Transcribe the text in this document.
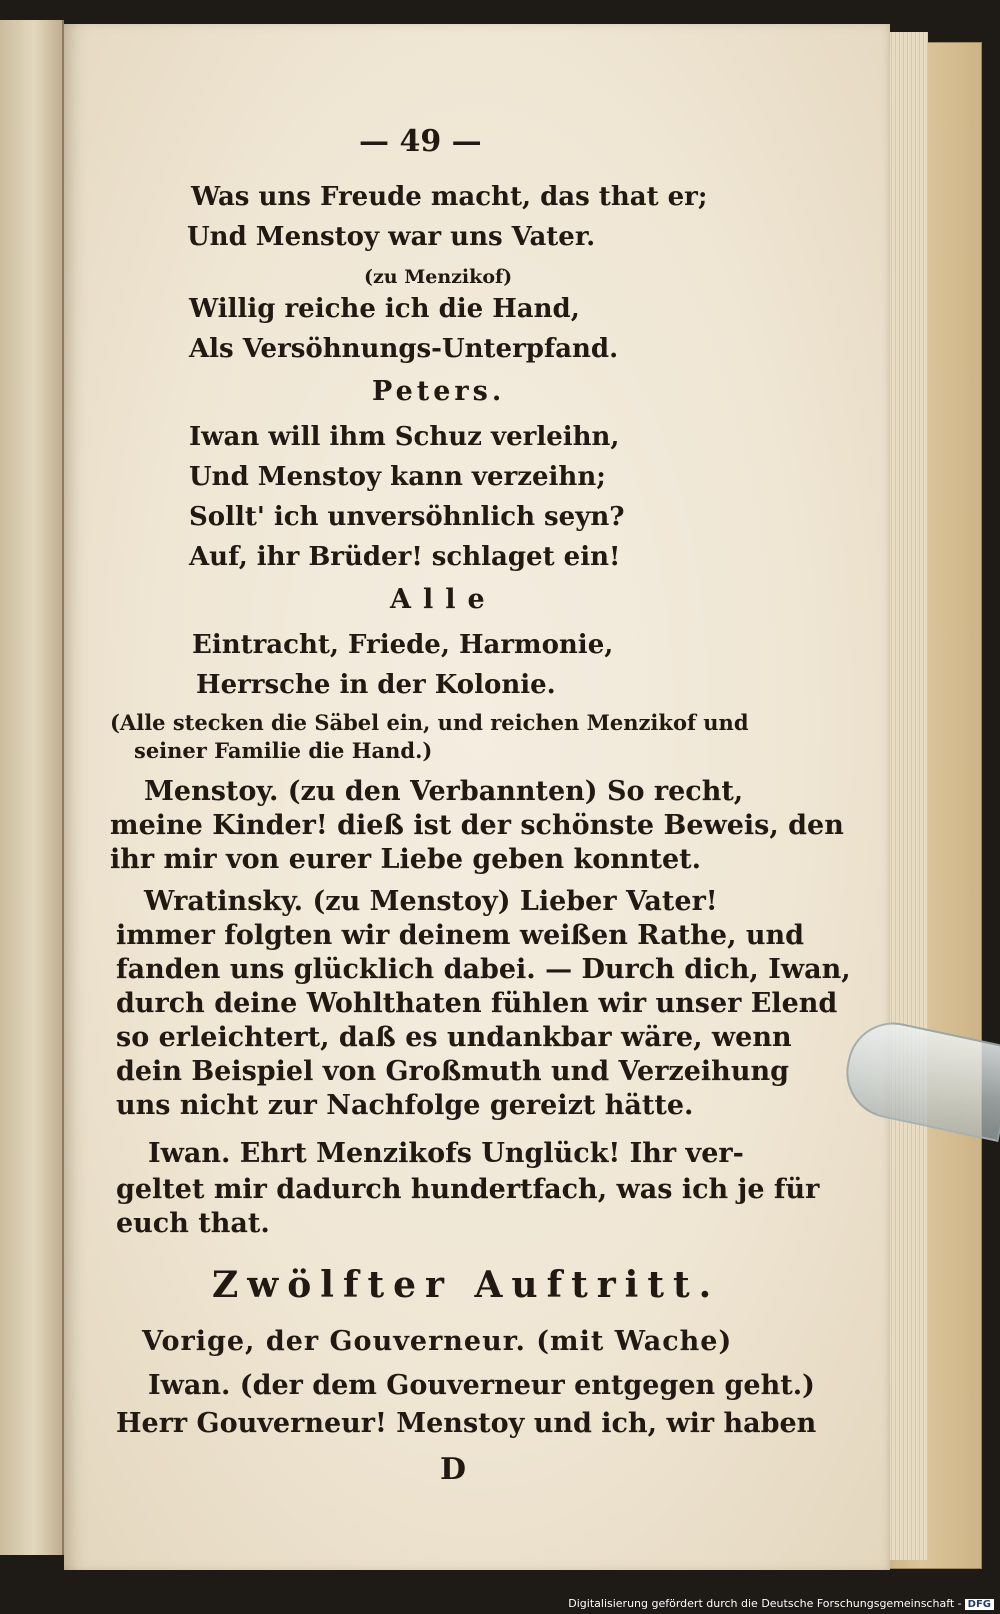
— 49 —
Was uns Freude macht, das that er;
Und Menstoy war uns Vater.
(zu Menzikof)
Willig reiche ich die Hand,
Als Versöhnungs-Unterpfand.
Peters.
Iwan will ihm Schuz verleihn,
Und Menstoy kann verzeihn;
Sollt' ich unversöhnlich seyn?
Auf, ihr Brüder! schlaget ein!
Alle
Eintracht, Friede, Harmonie,
Herrsche in der Kolonie.
(Alle stecken die Säbel ein, und reichen Menzikof und
seiner Familie die Hand.)
Menstoy. (zu den Verbannten) So recht,
meine Kinder! dieß ist der schönste Beweis, den
ihr mir von eurer Liebe geben konntet.
Wratinsky. (zu Menstoy) Lieber Vater!
immer folgten wir deinem weißen Rathe, und
fanden uns glücklich dabei. — Durch dich, Iwan,
durch deine Wohlthaten fühlen wir unser Elend
so erleichtert, daß es undankbar wäre, wenn
dein Beispiel von Großmuth und Verzeihung
uns nicht zur Nachfolge gereizt hätte.
Iwan. Ehrt Menzikofs Unglück! Ihr ver-
geltet mir dadurch hundertfach, was ich je für
euch that.
Zwölfter Auftritt.
Vorige, der Gouverneur. (mit Wache)
Iwan. (der dem Gouverneur entgegen geht.)
Herr Gouverneur! Menstoy und ich, wir haben
D
Digitalisierung gefördert durch die Deutsche Forschungsgemeinschaft - DFG
